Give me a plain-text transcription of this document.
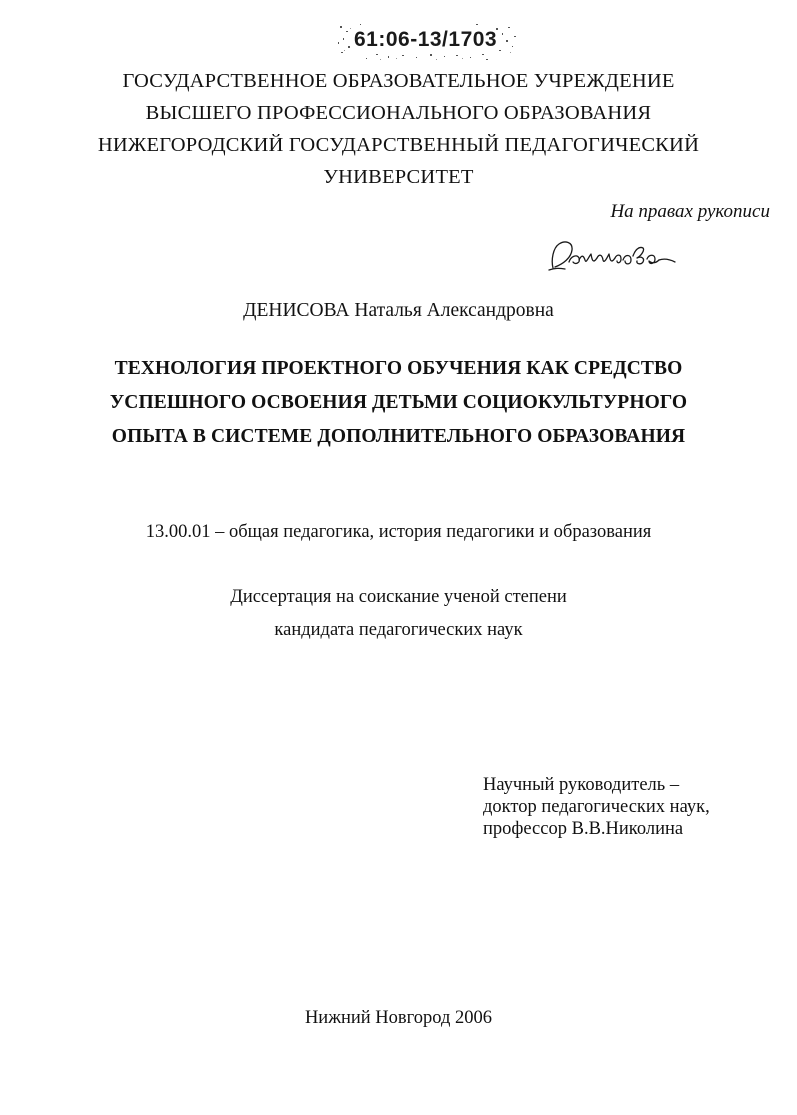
61:06-13/1703
ГОСУДАРСТВЕННОЕ ОБРАЗОВАТЕЛЬНОЕ УЧРЕЖДЕНИЕ
ВЫСШЕГО ПРОФЕССИОНАЛЬНОГО ОБРАЗОВАНИЯ
НИЖЕГОРОДСКИЙ ГОСУДАРСТВЕННЫЙ ПЕДАГОГИЧЕСКИЙ
УНИВЕРСИТЕТ
На правах рукописи
ДЕНИСОВА Наталья Александровна
ТЕХНОЛОГИЯ ПРОЕКТНОГО ОБУЧЕНИЯ КАК СРЕДСТВО
УСПЕШНОГО ОСВОЕНИЯ ДЕТЬМИ СОЦИОКУЛЬТУРНОГО
ОПЫТА В СИСТЕМЕ ДОПОЛНИТЕЛЬНОГО ОБРАЗОВАНИЯ
13.00.01 – общая педагогика, история педагогики и образования
Диссертация на соискание ученой степени
кандидата педагогических наук
Научный руководитель –
доктор педагогических наук,
профессор В.В.Николина
Нижний Новгород 2006
